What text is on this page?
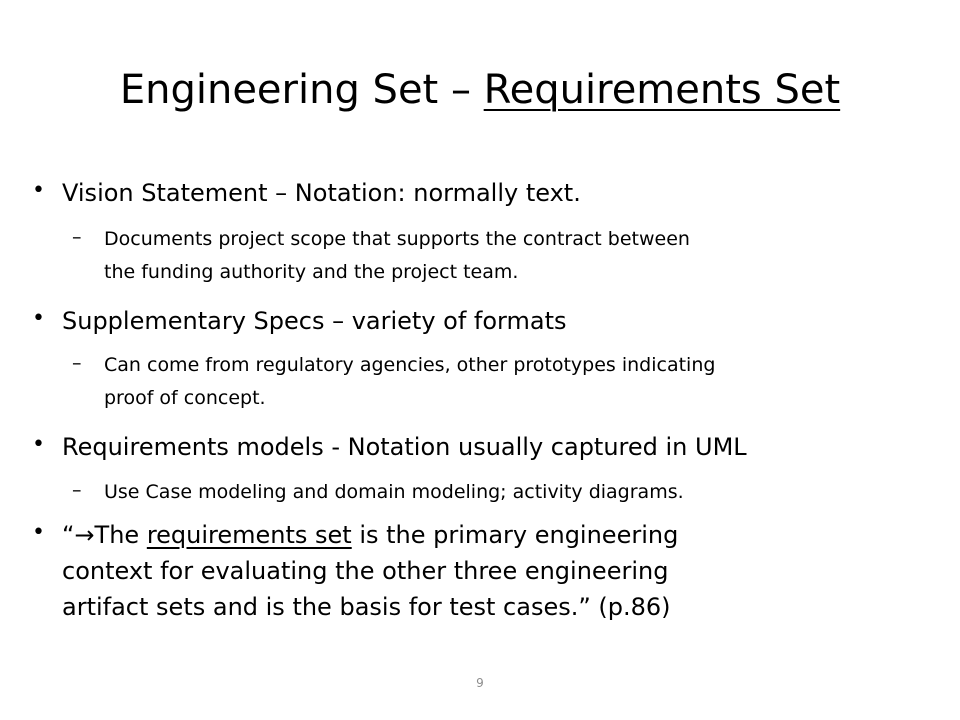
Engineering Set – Requirements Set
• Vision Statement – Notation: normally text.
– Documents project scope that supports the contract between
the funding authority and the project team.
• Supplementary Specs – variety of formats
– Can come from regulatory agencies, other prototypes indicating
proof of concept.
• Requirements models - Notation usually captured in UML
– Use Case modeling and domain modeling; activity diagrams.
• “→The requirements set is the primary engineering
context for evaluating the other three engineering
artifact sets and is the basis for test cases.” (p.86)
9
